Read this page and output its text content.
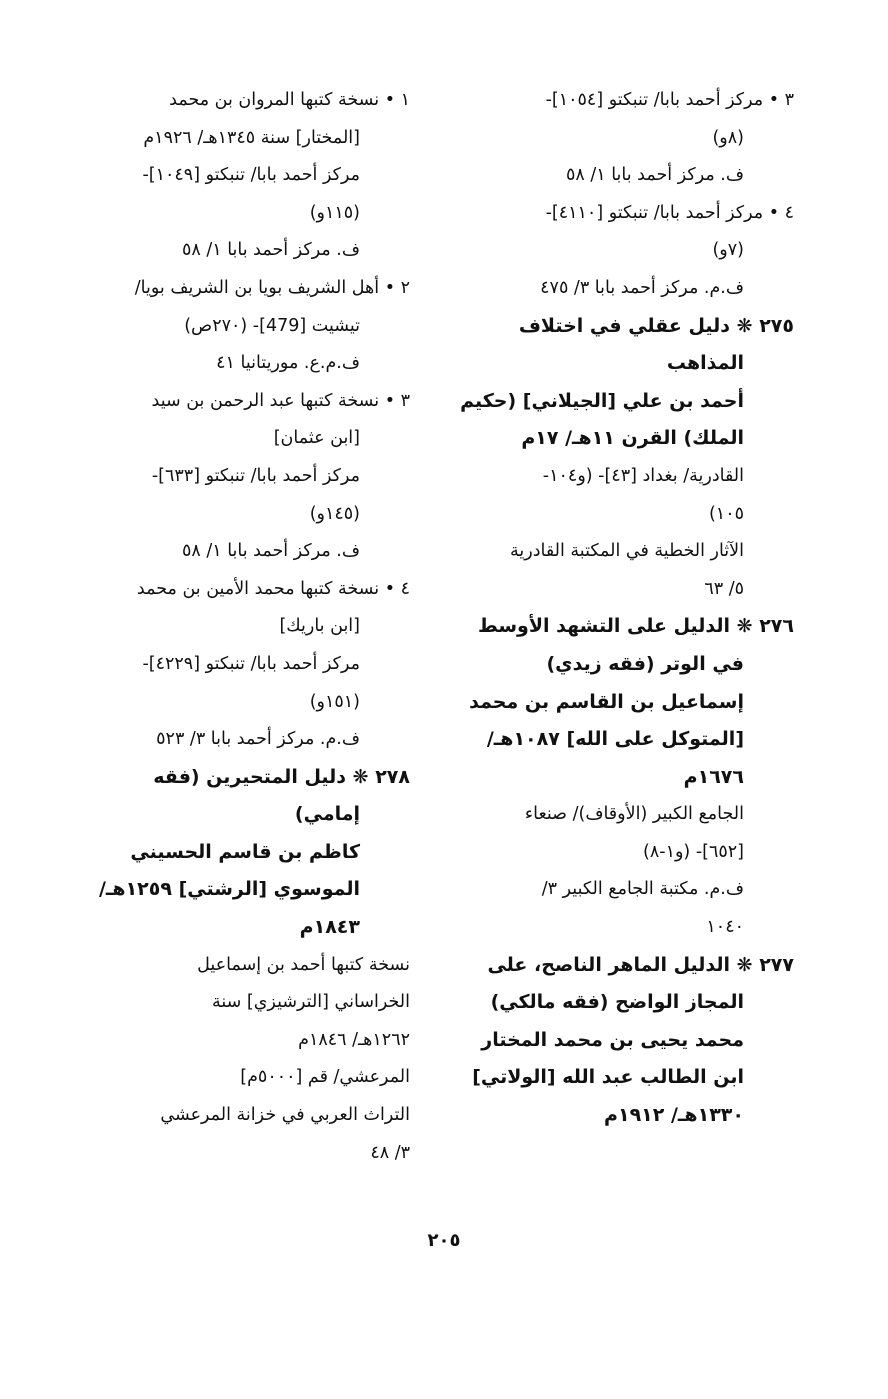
٣ • مركز أحمد بابا/ تنبكتو [١٠٥٤]-
(٨و)
ف. مركز أحمد بابا ١/ ٥٨
٤ • مركز أحمد بابا/ تنبكتو [٤١١٠]-
(٧و)
ف.م. مركز أحمد بابا ٣/ ٤٧٥
٢٧٥ ❋ دليل عقلي في اختلاف
المذاهب
أحمد بن علي [الجيلاني] (حكيم
الملك) القرن ١١هـ/ ١٧م
القادرية/ بغداد [٤٣]- (و١٠٤-
١٠٥)
الآثار الخطية في المكتبة القادرية
٥/ ٦٣
٢٧٦ ❋ الدليل على التشهد الأوسط
في الوتر (فقه زيدي)
إسماعيل بن القاسم بن محمد
[المتوكل على الله] ١٠٨٧هـ/
١٦٧٦م
الجامع الكبير (الأوقاف)/ صنعاء
[٦٥٢]- (و١-٨)
ف.م. مكتبة الجامع الكبير ٣/
١٠٤٠
٢٧٧ ❋ الدليل الماهر الناصح، على
المجاز الواضح (فقه مالكي)
محمد يحيى بن محمد المختار
ابن الطالب عبد الله [الولاتي]
١٣٣٠هـ/ ١٩١٢م
١ • نسخة كتبها المروان بن محمد
[المختار] سنة ١٣٤٥هـ/ ١٩٢٦م
مركز أحمد بابا/ تنبكتو [١٠٤٩]-
(١١٥و)
ف. مركز أحمد بابا ١/ ٥٨
٢ • أهل الشريف بويا بن الشريف بويا/
تيشيت [479]- (٢٧٠ص)
ف.م.ع. موريتانيا ٤١
٣ • نسخة كتبها عبد الرحمن بن سيد
[ابن عثمان]
مركز أحمد بابا/ تنبكتو [٦٣٣]-
(١٤٥و)
ف. مركز أحمد بابا ١/ ٥٨
٤ • نسخة كتبها محمد الأمين بن محمد
[ابن باريك]
مركز أحمد بابا/ تنبكتو [٤٢٢٩]-
(١٥١و)
ف.م. مركز أحمد بابا ٣/ ٥٢٣
٢٧٨ ❋ دليل المتحيرين (فقه
إمامي)
كاظم بن قاسم الحسيني
الموسوي [الرشتي] ١٢٥٩هـ/
١٨٤٣م
نسخة كتبها أحمد بن إسماعيل
الخراساني [الترشيزي] سنة
١٢٦٢هـ/ ١٨٤٦م
المرعشي/ قم [٥٠٠٠م]
التراث العربي في خزانة المرعشي
٣/ ٤٨
٢٠٥
